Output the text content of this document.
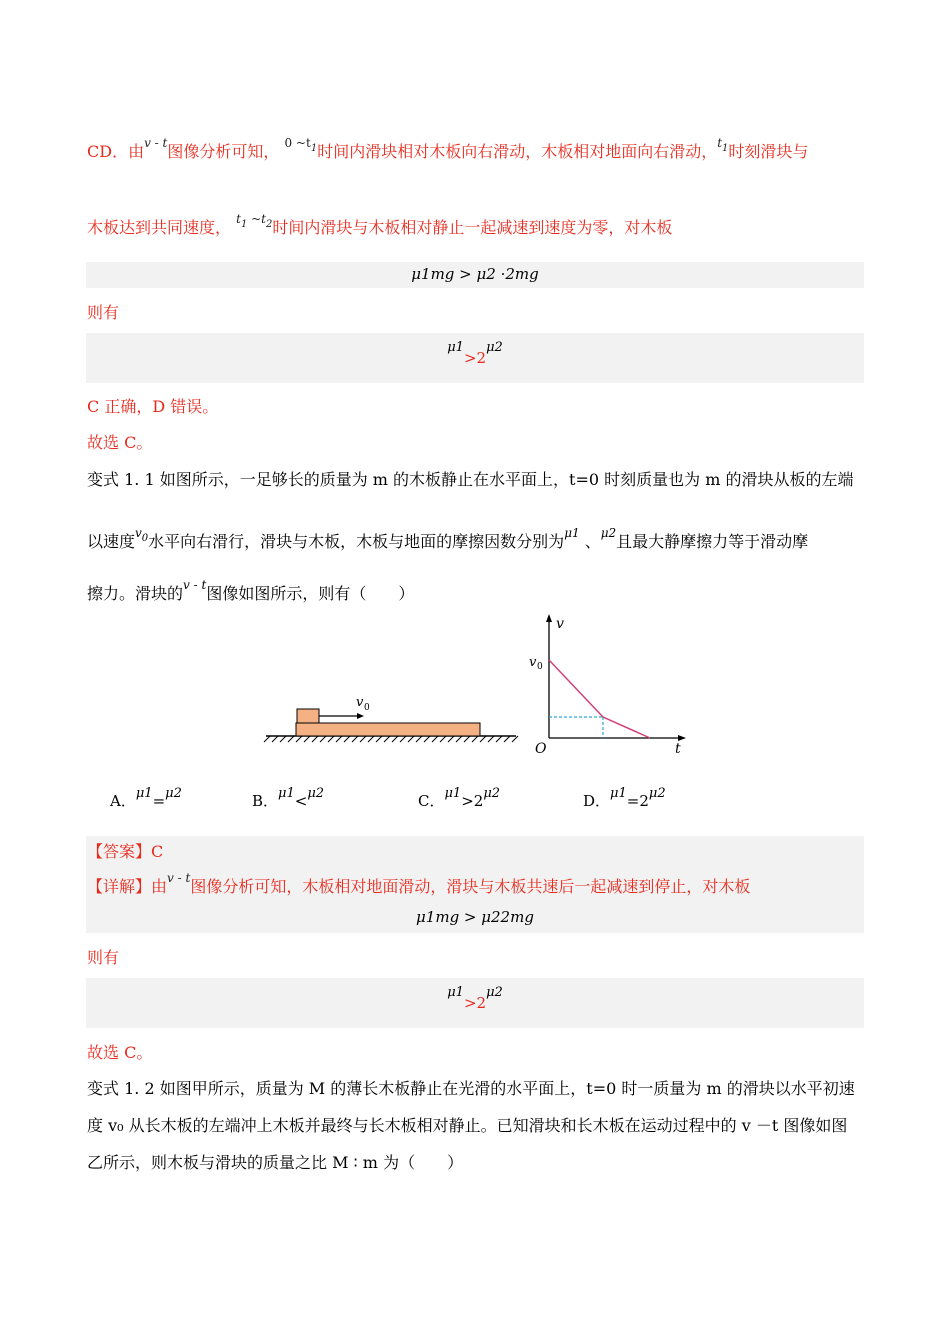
CD．由$^{v - t}$图像分析可知， $^{0 \sim t1}$时间内滑块相对木板向右滑动，木板相对地面向右滑动，$^{t1}$时刻滑块与
木板达到共同速度， $^{t1}$ $^{\sim t2}$时间内滑块与木板相对静止一起减速到速度为零，对木板
μ1mg > μ2 ·2mg
则有
μ1>2μ2
C 正确，D 错误。
故选 C。
变式 1. 1 如图所示，一足够长的质量为 m 的木板静止在水平面上，t=0 时刻质量也为 m 的滑块从板的左端
以速度$^{v0}$水平向右滑行，滑块与木板，木板与地面的摩擦因数分别为$^{\mu 1}$ 、$^{\mu 2}$且最大静摩擦力等于滑动摩
擦力。滑块的$^{v - t}$图像如图所示，则有（　　）
v 0
v
t
O
v 0
A．μ1=μ2	B．μ1<μ2	C．μ1>2μ2	D．μ1=2μ2
【答案】C
【详解】由$^{v - t}$图像分析可知，木板相对地面滑动，滑块与木板共速后一起减速到停止，对木板
μ1mg > μ22mg
则有
μ1>2μ2
故选 C。
变式 1. 2 如图甲所示，质量为 M 的薄长木板静止在光滑的水平面上，t=0 时一质量为 m 的滑块以水平初速
度 v₀ 从长木板的左端冲上木板并最终与长木板相对静止。已知滑块和长木板在运动过程中的 v －t 图像如图
乙所示，则木板与滑块的质量之比 M ∶ m 为（　　）
